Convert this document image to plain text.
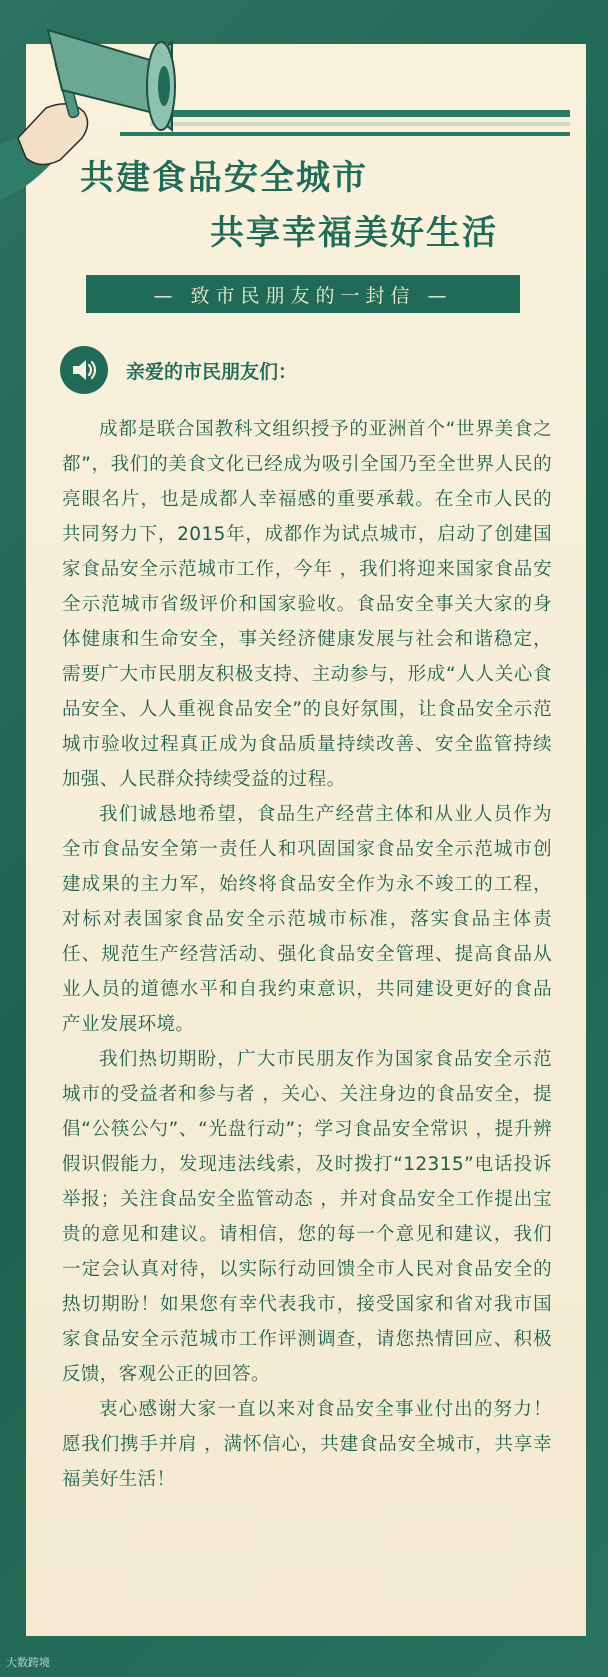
共建食品安全城市
共享幸福美好生活
— 致市民朋友的一封信 —
亲爱的市民朋友们：

成都是联合国教科文组织授予的亚洲首个“世界美食之都”，我们的美食文化已经成为吸引全国乃至全世界人民的亮眼名片，也是成都人幸福感的重要承载。在全市人民的共同努力下，2015年，成都作为试点城市，启动了创建国家食品安全示范城市工作，今年 ，我们将迎来国家食品安全示范城市省级评价和国家验收。食品安全事关大家的身体健康和生命安全，事关经济健康发展与社会和谐稳定，需要广大市民朋友积极支持、主动参与，形成“人人关心食品安全、人人重视食品安全”的良好氛围，让食品安全示范城市验收过程真正成为食品质量持续改善、安全监管持续加强、人民群众持续受益的过程。

我们诚恳地希望，食品生产经营主体和从业人员作为全市食品安全第一责任人和巩固国家食品安全示范城市创建成果的主力军，始终将食品安全作为永不竣工的工程，对标对表国家食品安全示范城市标准，落实食品主体责任、规范生产经营活动、强化食品安全管理、提高食品从业人员的道德水平和自我约束意识，共同建设更好的食品产业发展环境。

我们热切期盼，广大市民朋友作为国家食品安全示范城市的受益者和参与者 ，关心、关注身边的食品安全，提倡“公筷公勺”、“光盘行动”；学习食品安全常识 ，提升辨假识假能力，发现违法线索，及时拨打“12315”电话投诉举报；关注食品安全监管动态 ，并对食品安全工作提出宝贵的意见和建议。请相信，您的每一个意见和建议，我们一定会认真对待，以实际行动回馈全市人民对食品安全的热切期盼！如果您有幸代表我市，接受国家和省对我市国家食品安全示范城市工作评测调查，请您热情回应、积极反馈，客观公正的回答。

衷心感谢大家一直以来对食品安全事业付出的努力！愿我们携手并肩 ，满怀信心，共建食品安全城市，共享幸福美好生活！

大数跨境
